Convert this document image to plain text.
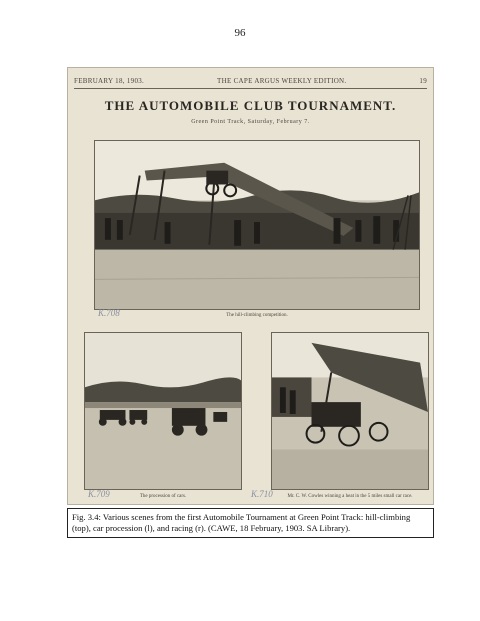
96
FEBRUARY 18, 1903.	THE CAPE ARGUS WEEKLY EDITION.	19
THE AUTOMOBILE CLUB TOURNAMENT.
Green Point Track, Saturday, February 7.
The hill-climbing competition.
K.708
The procession of cars.
K.709	Mr. C. W. Cowles winning a heat in the 5 miles small car race.
K.710
Fig. 3.4: Various scenes from the first Automobile Tournament at Green Point Track: hill-climbing (top), car procession (l), and racing (r). (CAWE, 18 February, 1903. SA Library).
